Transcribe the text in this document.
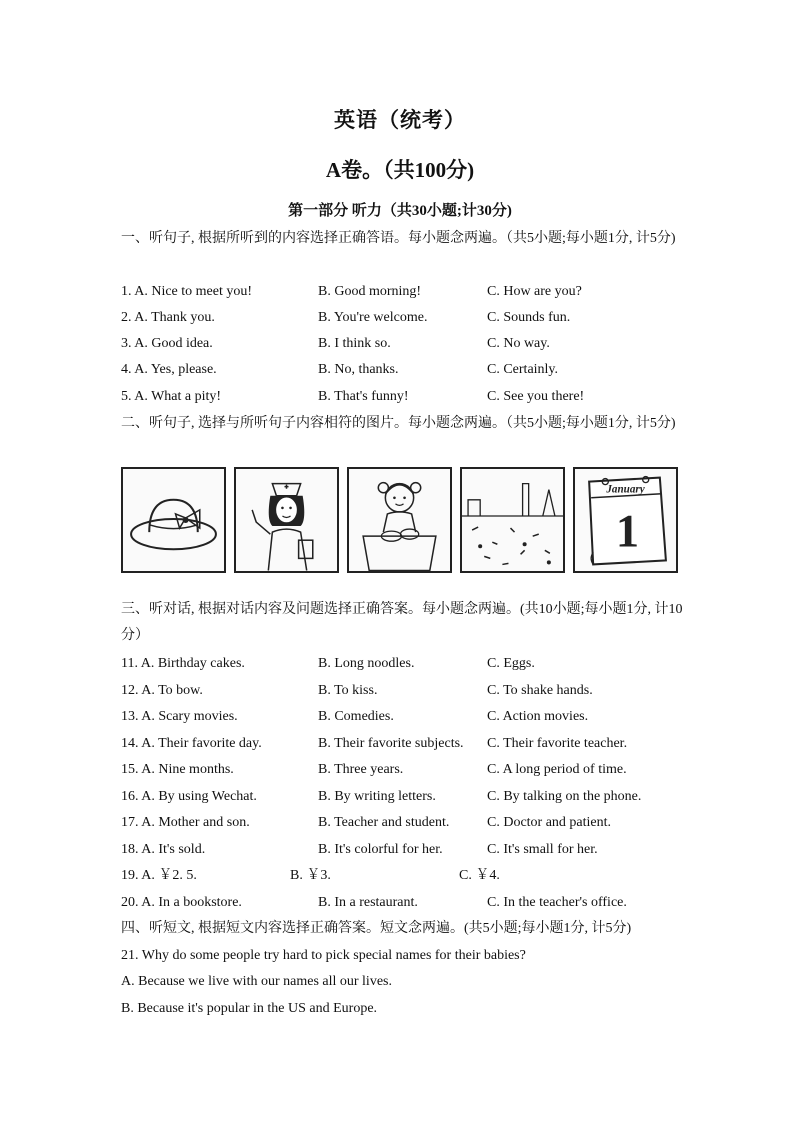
英语（统考）
A卷。（共100分)
第一部分 听力（共30小题;计30分)
一、听句子, 根据所听到的内容选择正确答语。每小题念两遍。（共5小题;每小题1分, 计5分)
1. A. Nice to meet you!	B. Good morning!	C. How are you?
2. A. Thank you.	B. You're welcome.	C. Sounds fun.
3. A. Good idea.	B. I think so.	C. No way.
4. A. Yes, please.	B. No, thanks.	C. Certainly.
5. A. What a pity!	B. That's funny!	C. See you there!
二、听句子, 选择与所听句子内容相符的图片。每小题念两遍。（共5小题;每小题1分, 计5分)
January
1
三、听对话, 根据对话内容及问题选择正确答案。每小题念两遍。(共10小题;每小题1分, 计10分）
11. A. Birthday cakes.	B. Long noodles.	C. Eggs.
12. A. To bow.	B. To kiss.	C. To shake hands.
13. A. Scary movies.	B. Comedies.	C. Action movies.
14. A. Their favorite day.	B. Their favorite subjects. C. Their favorite teacher.
15. A. Nine months.	B. Three years.	C. A long period of time.
16. A. By using Wechat.	B. By writing letters.	C. By talking on the phone.
17. A. Mother and son.	B. Teacher and student.	C. Doctor and patient.
18. A. It's sold.	B. It's colorful for her.	C. It's small for her.
19. A. ￥2. 5.	B. ￥3.	C. ￥4.
20. A. In a bookstore.	B. In a restaurant.	C. In the teacher's office.
四、听短文, 根据短文内容选择正确答案。短文念两遍。(共5小题;每小题1分, 计5分)
21. Why do some people try hard to pick special names for their babies?
A. Because we live with our names all our lives.
B. Because it's popular in the US and Europe.
